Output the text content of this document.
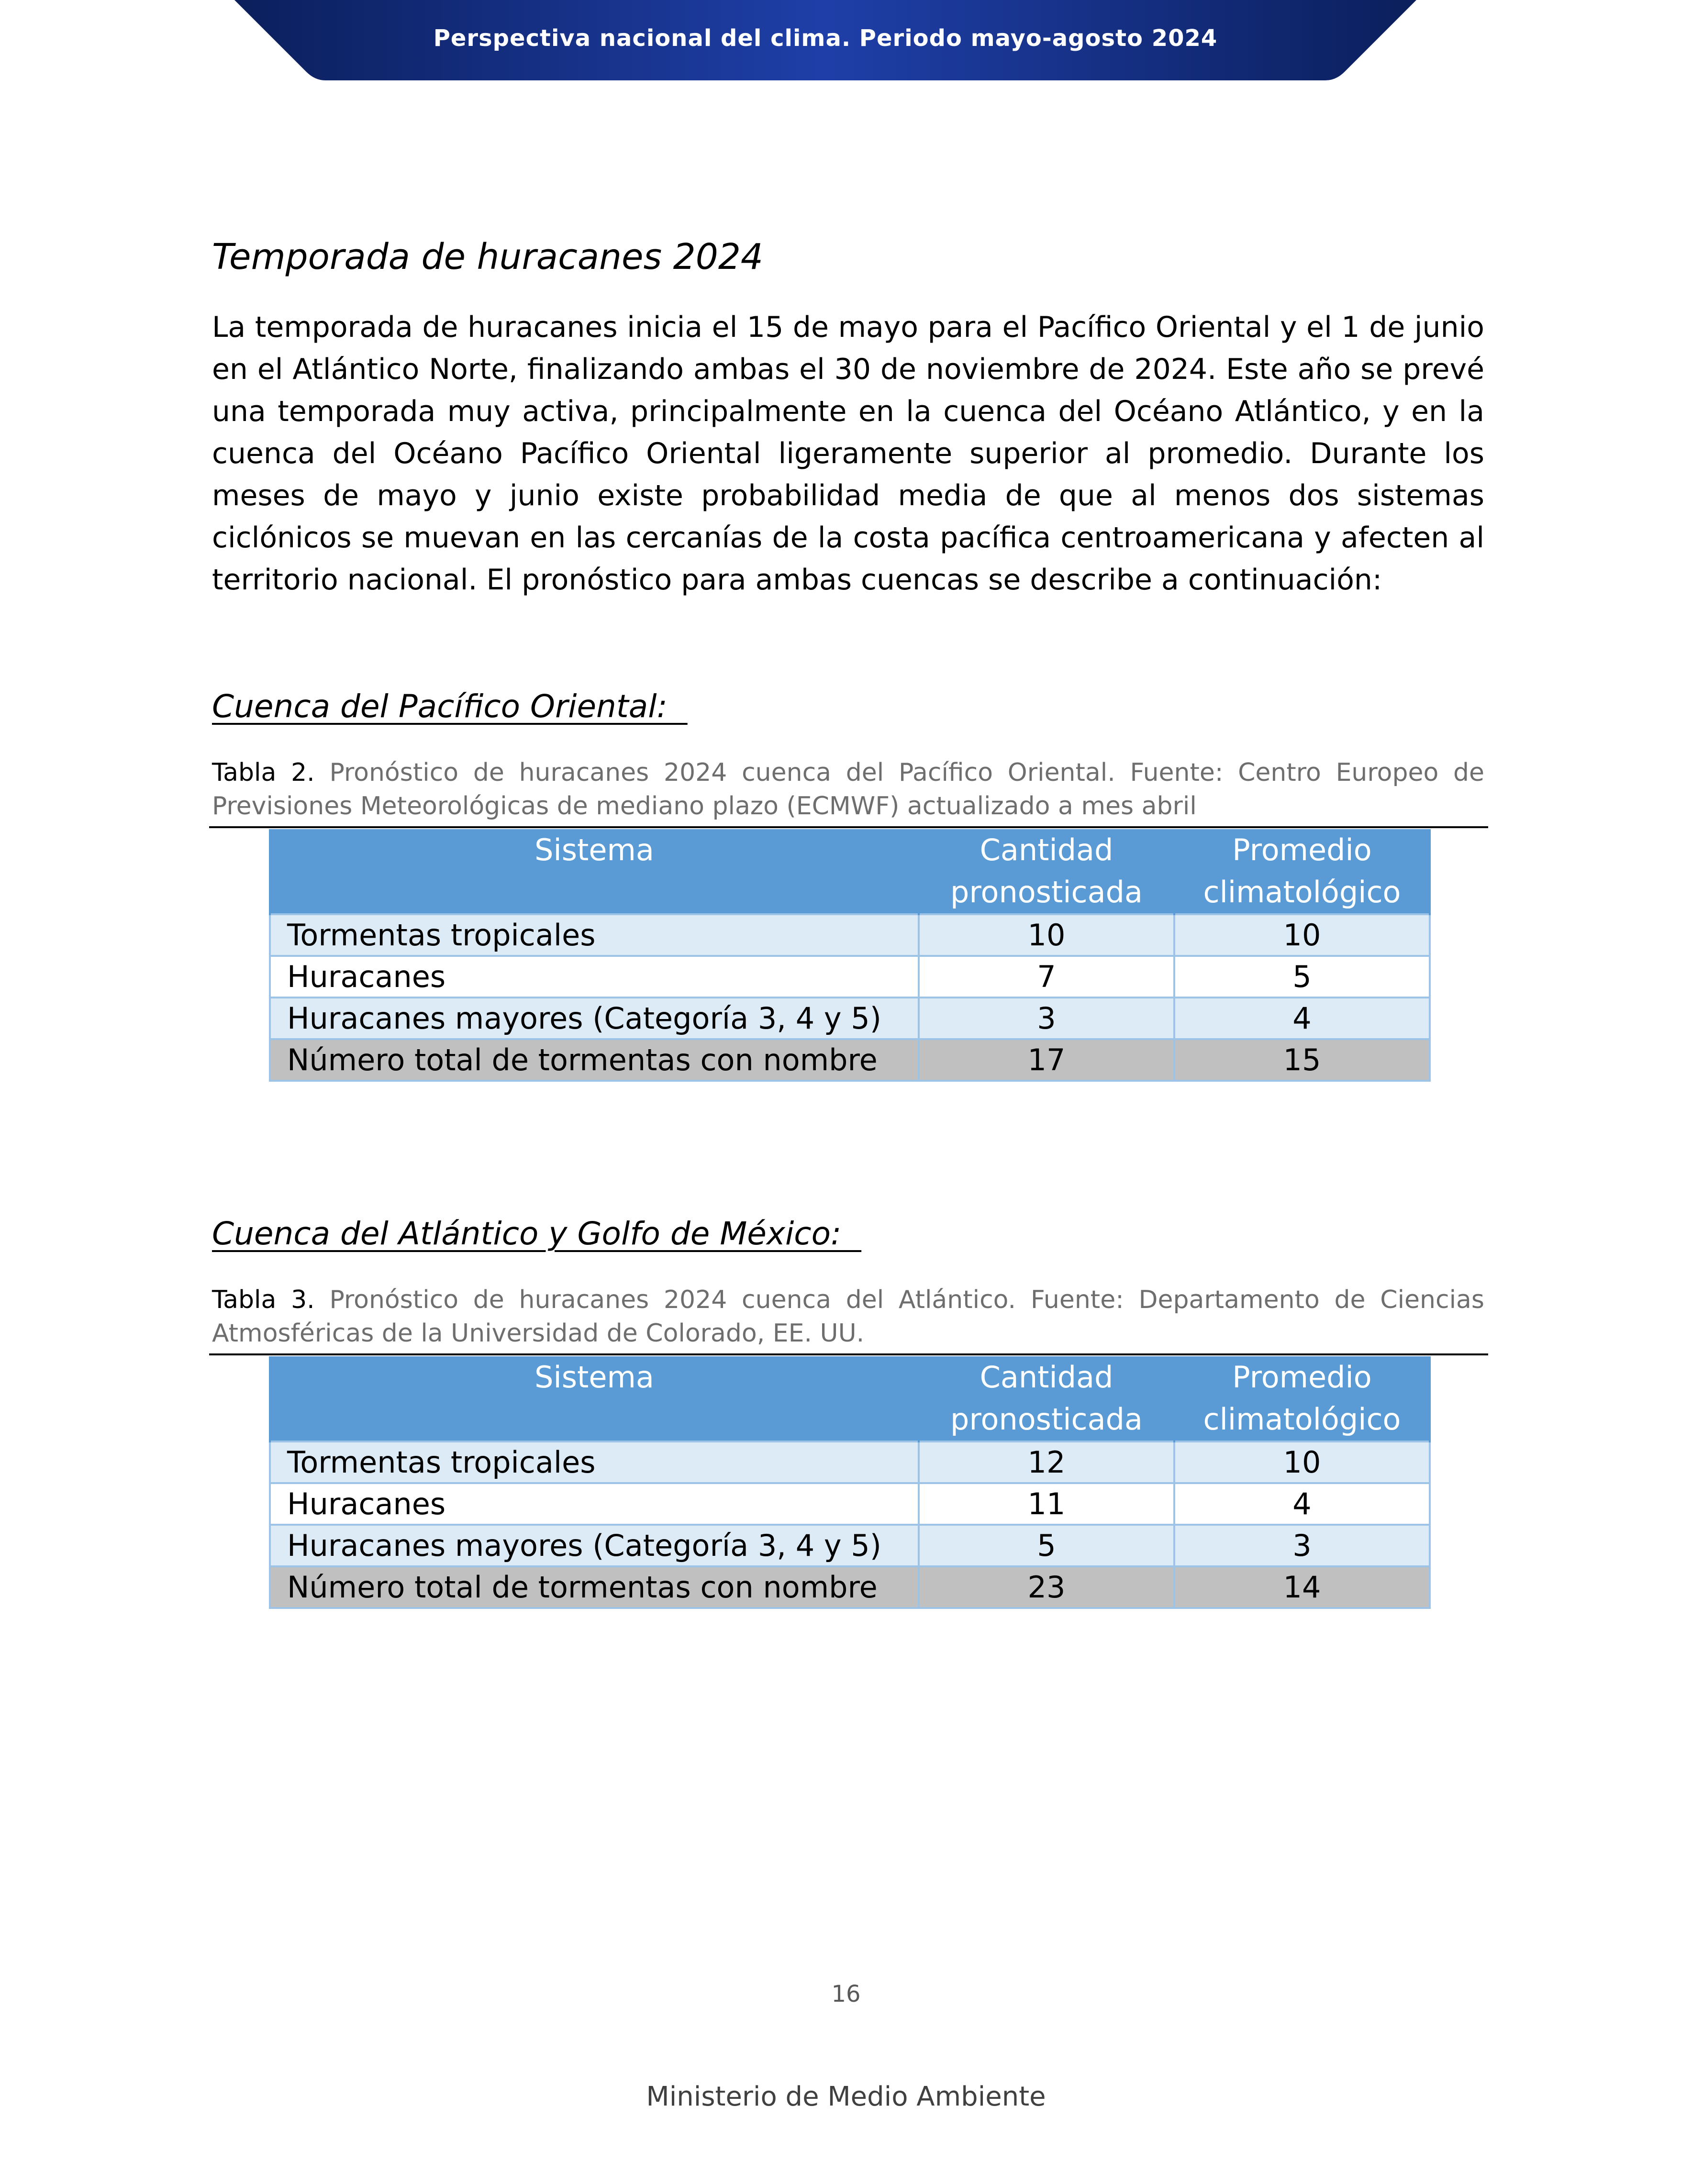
Perspectiva nacional del clima. Periodo mayo-agosto 2024
Temporada de huracanes 2024

La temporada de huracanes inicia el 15 de mayo para el Pacífico Oriental y el 1 de junio en el Atlántico Norte, finalizando ambas el 30 de noviembre de 2024. Este año se prevé una temporada muy activa, principalmente en la cuenca del Océano Atlántico, y en la cuenca del Océano Pacífico Oriental ligeramente superior al promedio. Durante los meses de mayo y junio existe probabilidad media de que al menos dos sistemas ciclónicos se muevan en las cercanías de la costa pacífica centroamericana y afecten al territorio nacional. El pronóstico para ambas cuencas se describe a continuación:

Cuenca del Pacífico Oriental:

Tabla 2. Pronóstico de huracanes 2024 cuenca del Pacífico Oriental. Fuente: Centro Europeo de Previsiones Meteorológicas de mediano plazo (ECMWF) actualizado a mes abril

Sistema	Cantidad pronosticada	Promedio climatológico
Tormentas tropicales	10	10
Huracanes	7	5
Huracanes mayores (Categoría 3, 4 y 5)	3	4
Número total de tormentas con nombre	17	15
Cuenca del Atlántico y Golfo de México:

Tabla 3. Pronóstico de huracanes 2024 cuenca del Atlántico. Fuente: Departamento de Ciencias Atmosféricas de la Universidad de Colorado, EE. UU.

Sistema	Cantidad pronosticada	Promedio climatológico
Tormentas tropicales	12	10
Huracanes	11	4
Huracanes mayores (Categoría 3, 4 y 5)	5	3
Número total de tormentas con nombre	23	14
16
Ministerio de Medio Ambiente
